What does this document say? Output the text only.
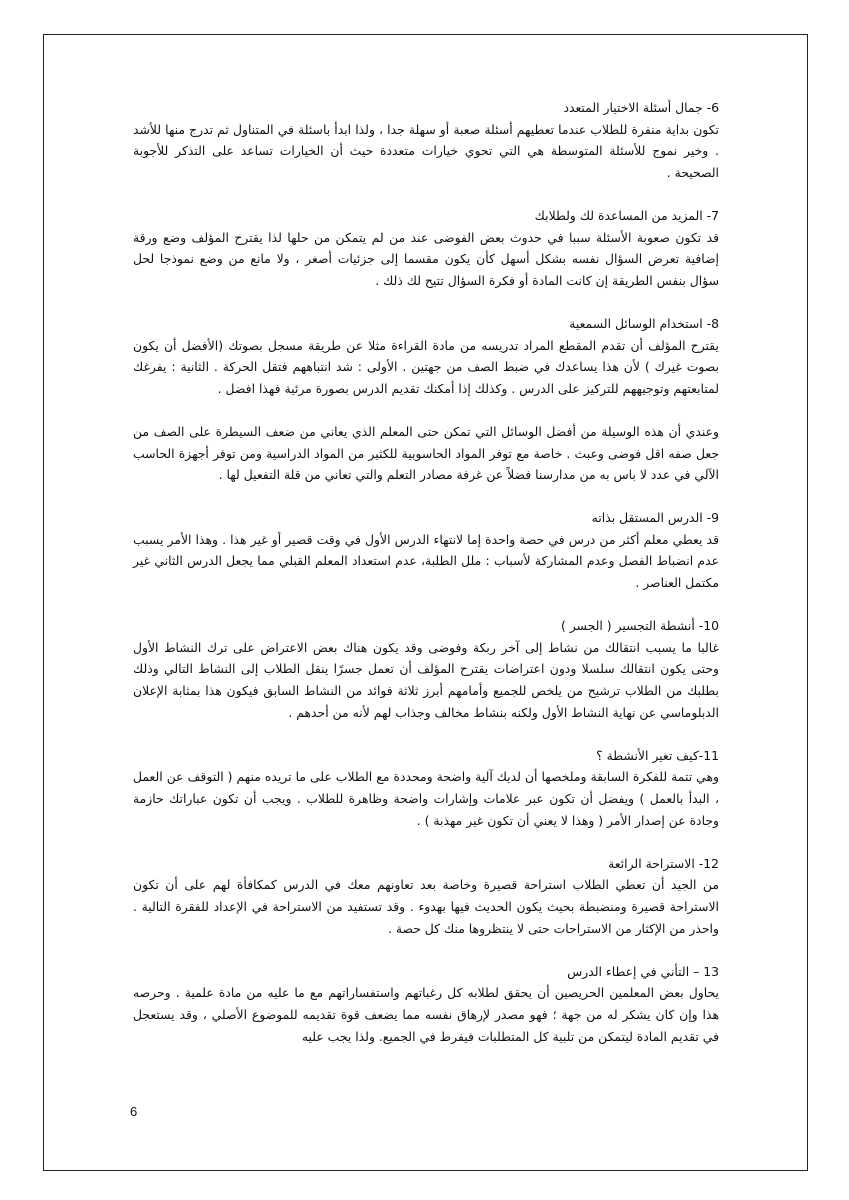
6- جمال أسئلة الاختيار المتعدد

تكون بداية منفرة للطلاب عندما تعطيهم أسئلة صعبة أو سهلة جدا ، ولذا ابدأ باسئلة في المتناول ثم تدرج منها للأشد . وخير نموج للأسئلة المتوسطة هي التي تحوي خيارات متعددة حيث أن الخيارات تساعد على التذكر للأجوبة الصحيحة .

7- المزيد من المساعدة لك ولطلابك

قد تكون صعوبة الأسئلة سببا في حدوث بعض الفوضى عند من لم يتمكن من حلها لذا يقترح المؤلف وضع ورقة إضافية تعرض السؤال نفسه بشكل أسهل كأن يكون مقسما إلى جزئيات أصغر ، ولا مانع من وضع نموذجا لحل سؤال بنفس الطريقة إن كانت المادة أو فكرة السؤال تتيح لك ذلك .

8- استخدام الوسائل السمعية

يقترح المؤلف أن تقدم المقطع المراد تدريسه من مادة القراءة مثلا عن طريقة مسجل بصوتك (الأفضل أن يكون بصوت غيرك ) لأن هذا يساعدك في ضبط الصف من جهتين . الأولى : شد انتباههم فتقل الحركة . الثانية : يفرغك لمتابعتهم وتوجيههم للتركيز على الدرس . وكذلك إذا أمكنك تقديم الدرس بصورة مرئية فهذا افضل .

وعندي أن هذه الوسيلة من أفضل الوسائل التي تمكن حتى المعلم الذي يعاني من ضعف السيطرة على الصف من جعل صفه اقل فوضى وعبث . خاصة مع توفر المواد الحاسوبية للكثير من المواد الدراسية ومن توفر أجهزة الحاسب الآلي في عدد لا باس به من مدارسنا فضلاً عن غرفة مصادر التعلم والتي تعاني من قلة التفعيل لها .

9- الدرس المستقل بذاته

قد يعطي معلم أكثر من درس في حصة واحدة إما لانتهاء الدرس الأول في وقت قصير أو غير هذا . وهذا الأمر يسبب عدم انضباط الفصل وعدم المشاركة لأسباب : ملل الطلبة، عدم استعداد المعلم القبلي مما يجعل الدرس الثاني غير مكتمل العناصر .

10- أنشطة التجسير ( الجسر )

غالبا ما يسبب انتقالك من نشاط إلى آخر ربكة وفوضى وقد يكون هناك بعض الاعتراض على ترك النشاط الأول وحتى يكون انتقالك سلسلا ودون اعتراضات يقترح المؤلف أن تعمل جسرًا ينقل الطلاب إلى النشاط التالي وذلك بطلبك من الطلاب ترشيح من يلخص للجميع وأمامهم أبرز ثلاثة فوائد من النشاط السابق فيكون هذا بمثابة الإعلان الدبلوماسي عن نهاية النشاط الأول ولكنه بنشاط مخالف وجذاب لهم لأنه من أحدهم .

11-كيف تغير الأنشطة ؟

وهي تتمة للفكرة السابقة وملخصها أن لديك آلية واضحة ومحددة مع الطلاب على ما تريده منهم ( التوقف عن العمل ، البدأ بالعمل ) ويفضل أن تكون عبر علامات وإشارات واضحة وظاهرة للطلاب . ويجب أن تكون عباراتك حازمة وجادة عن إصدار الأمر ( وهذا لا يعني أن تكون غير مهذبة ) .

12- الاستراحة الرائعة

من الجيد أن تعطي الطلاب استراحة قصيرة وخاصة بعد تعاونهم معك في الدرس كمكافأة لهم على أن تكون الاستراحة قصيرة ومنضبطة بحيث يكون الحديث فيها بهدوء . وقد تستفيد من الاستراحة في الإعداد للفقرة التالية . واحذر من الإكثار من الاستراحات حتى لا ينتظروها منك كل حصة .

13 – التأني في إعطاء الدرس

يحاول بعض المعلمين الحريصين أن يحقق لطلابه كل رغباتهم واستفساراتهم مع ما عليه من مادة علمية . وحرصه هذا وإن كان يشكر له من جهة ؛ فهو مصدر لإرهاق نفسه مما يضعف قوة تقديمه للموضوع الأصلي ، وقد يستعجل في تقديم المادة ليتمكن من تلبية كل المتطلبات فيفرط في الجميع. ولذا يجب عليه

6
